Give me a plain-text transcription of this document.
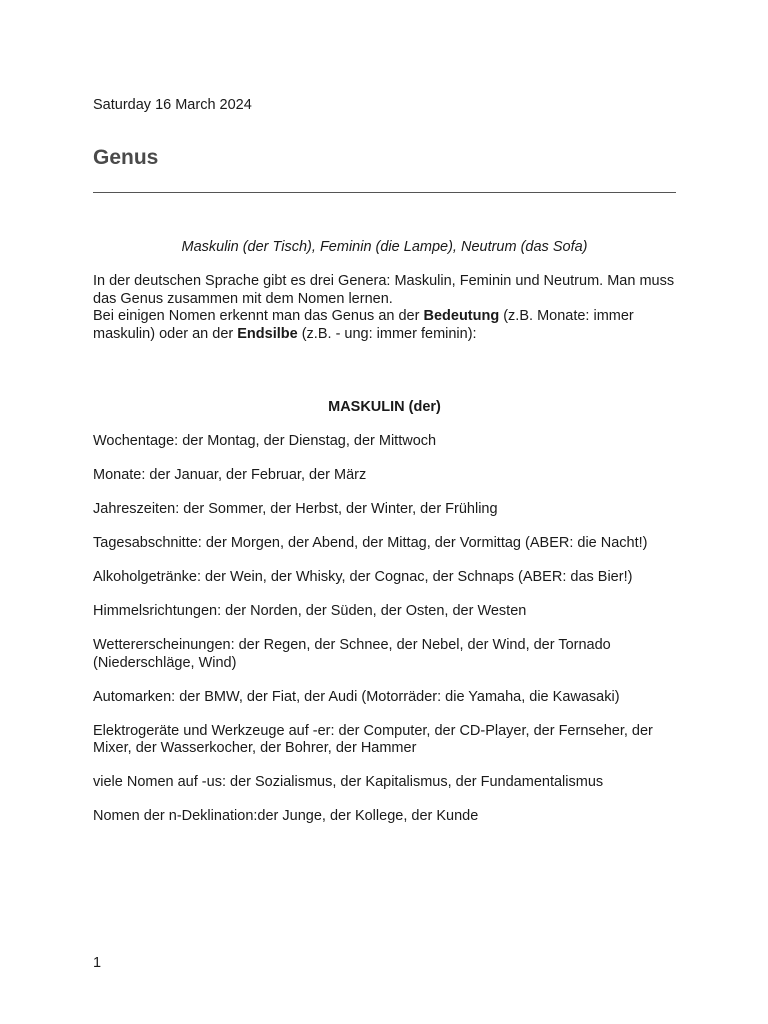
Saturday 16 March 2024
Genus
Maskulin (der Tisch), Feminin (die Lampe), Neutrum (das Sofa)

In der deutschen Sprache gibt es drei Genera: Maskulin, Feminin und Neutrum. Man muss das Genus zusammen mit dem Nomen lernen.

Bei einigen Nomen erkennt man das Genus an der Bedeutung (z.B. Monate: immer maskulin) oder an der Endsilbe (z.B. - ung: immer feminin):

MASKULIN (der)
Wochentage: der Montag, der Dienstag, der Mittwoch
Monate: der Januar, der Februar, der März
Jahreszeiten: der Sommer, der Herbst, der Winter, der Frühling
Tagesabschnitte: der Morgen, der Abend, der Mittag, der Vormittag (ABER: die Nacht!)
Alkoholgetränke: der Wein, der Whisky, der Cognac, der Schnaps (ABER: das Bier!)
Himmelsrichtungen: der Norden, der Süden, der Osten, der Westen
Wettererscheinungen: der Regen, der Schnee, der Nebel, der Wind, der Tornado (Niederschläge, Wind)
Automarken: der BMW, der Fiat, der Audi (Motorräder: die Yamaha, die Kawasaki)
Elektrogeräte und Werkzeuge auf -er: der Computer, der CD-Player, der Fernseher, der Mixer, der Wasserkocher, der Bohrer, der Hammer
viele Nomen auf -us: der Sozialismus, der Kapitalismus, der Fundamentalismus
Nomen der n-Deklination:der Junge, der Kollege, der Kunde
1
